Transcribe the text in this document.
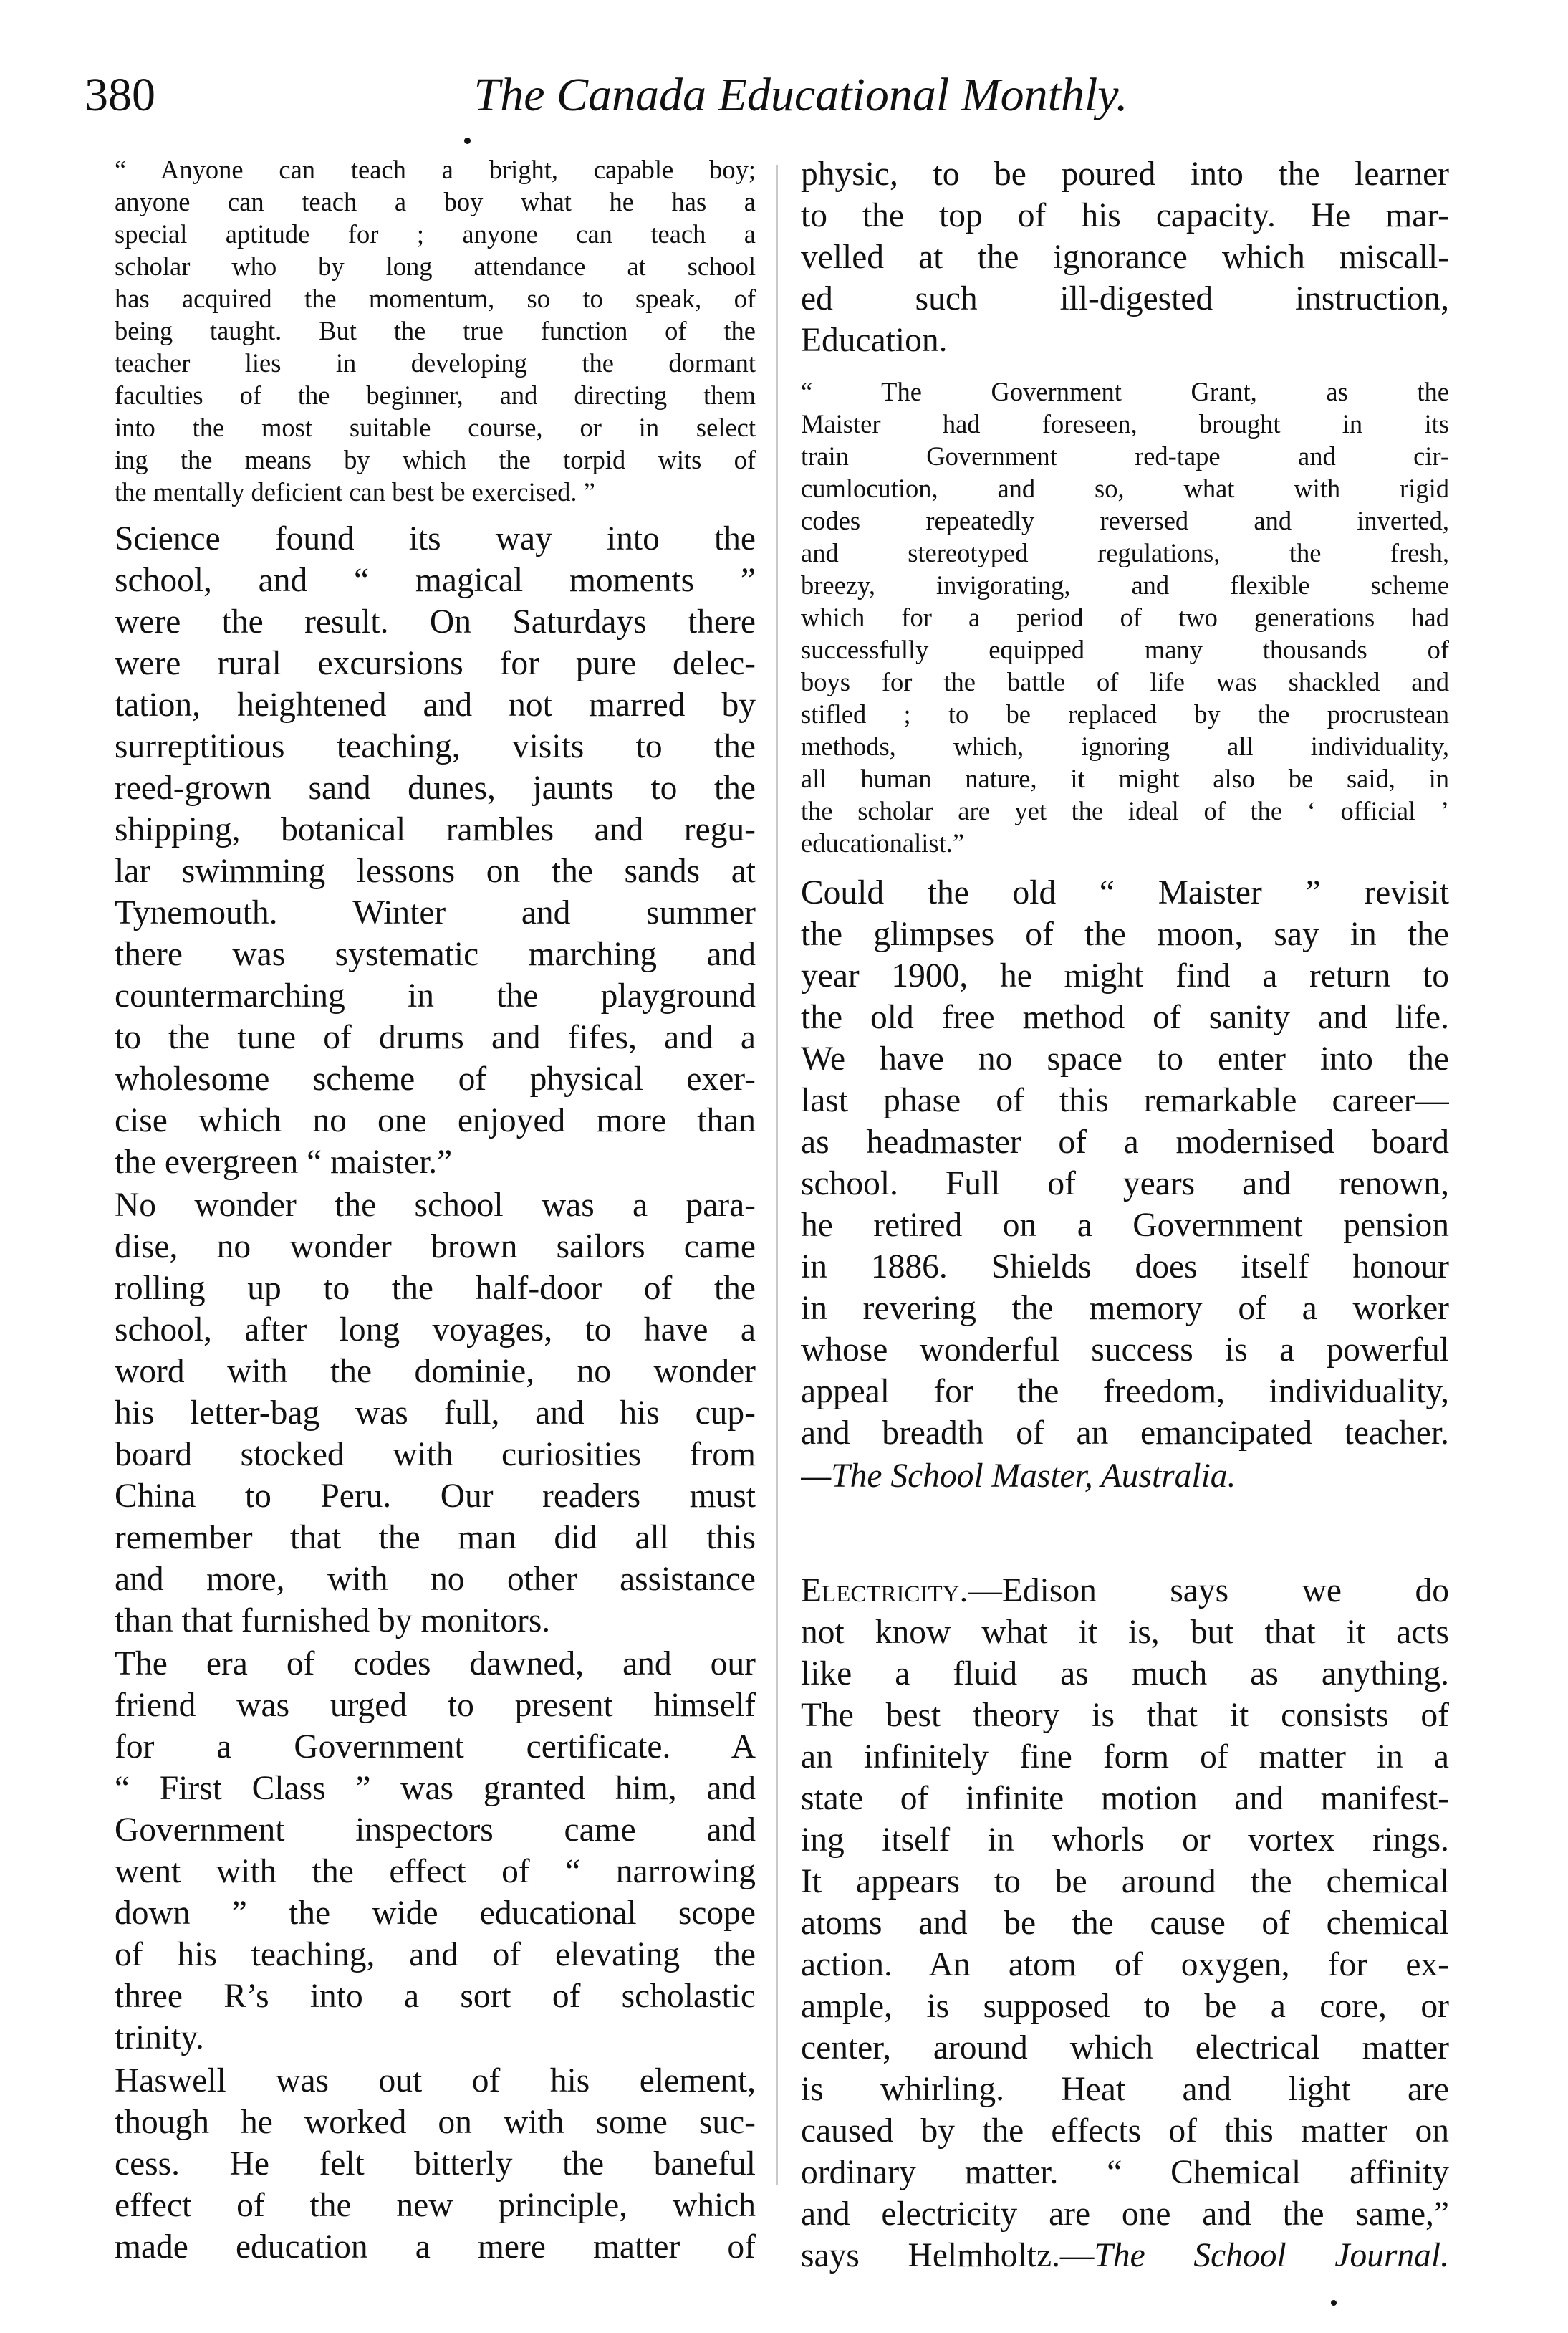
380	The Canada Educational Monthly.
“ Anyone can teach a bright, capable boy;
anyone can teach a boy what he has a
special aptitude for ; anyone can teach a
scholar who by long attendance at school
has acquired the momentum, so to speak, of
being taught. But the true function of the
teacher lies in developing the dormant
faculties of the beginner, and directing them
into the most suitable course, or in select
ing the means by which the torpid wits of
the mentally deficient can best be exercised. ”
Science found its way into the
school, and “ magical moments ”
were the result. On Saturdays there
were rural excursions for pure delec-
tation, heightened and not marred by
surreptitious teaching, visits to the
reed-grown sand dunes, jaunts to the
shipping, botanical rambles and regu-
lar swimming lessons on the sands at
Tynemouth. Winter and summer
there was systematic marching and
countermarching in the playground
to the tune of drums and fifes, and a
wholesome scheme of physical exer-
cise which no one enjoyed more than
the evergreen “ maister.”
No wonder the school was a para-
dise, no wonder brown sailors came
rolling up to the half-door of the
school, after long voyages, to have a
word with the dominie, no wonder
his letter-bag was full, and his cup-
board stocked with curiosities from
China to Peru. Our readers must
remember that the man did all this
and more, with no other assistance
than that furnished by monitors.
The era of codes dawned, and our
friend was urged to present himself
for a Government certificate. A
“ First Class ” was granted him, and
Government inspectors came and
went with the effect of “ narrowing
down ” the wide educational scope
of his teaching, and of elevating the
three R’s into a sort of scholastic
trinity.
Haswell was out of his element,
though he worked on with some suc-
cess. He felt bitterly the baneful
effect of the new principle, which
made education a mere matter of
physic, to be poured into the learner
to the top of his capacity. He mar-
velled at the ignorance which miscall-
ed such ill-digested instruction,
Education.
“ The Government Grant, as the
Maister had foreseen, brought in its
train Government red-tape and cir-
cumlocution, and so, what with rigid
codes repeatedly reversed and inverted,
and stereotyped regulations, the fresh,
breezy, invigorating, and flexible scheme
which for a period of two generations had
successfully equipped many thousands of
boys for the battle of life was shackled and
stifled ; to be replaced by the procrustean
methods, which, ignoring all individuality,
all human nature, it might also be said, in
the scholar are yet the ideal of the ‘ official ’
educationalist.”
Could the old “ Maister ” revisit
the glimpses of the moon, say in the
year 1900, he might find a return to
the old free method of sanity and life.
We have no space to enter into the
last phase of this remarkable career—
as headmaster of a modernised board
school. Full of years and renown,
he retired on a Government pension
in 1886. Shields does itself honour
in revering the memory of a worker
whose wonderful success is a powerful
appeal for the freedom, individuality,
and breadth of an emancipated teacher.
—The School Master, Australia.
Electricity.—Edison says we do
not know what it is, but that it acts
like a fluid as much as anything.
The best theory is that it consists of
an infinitely fine form of matter in a
state of infinite motion and manifest-
ing itself in whorls or vortex rings.
It appears to be around the chemical
atoms and be the cause of chemical
action. An atom of oxygen, for ex-
ample, is supposed to be a core, or
center, around which electrical matter
is whirling. Heat and light are
caused by the effects of this matter on
ordinary matter. “ Chemical affinity
and electricity are one and the same,”
says Helmholtz.—The School Journal.
